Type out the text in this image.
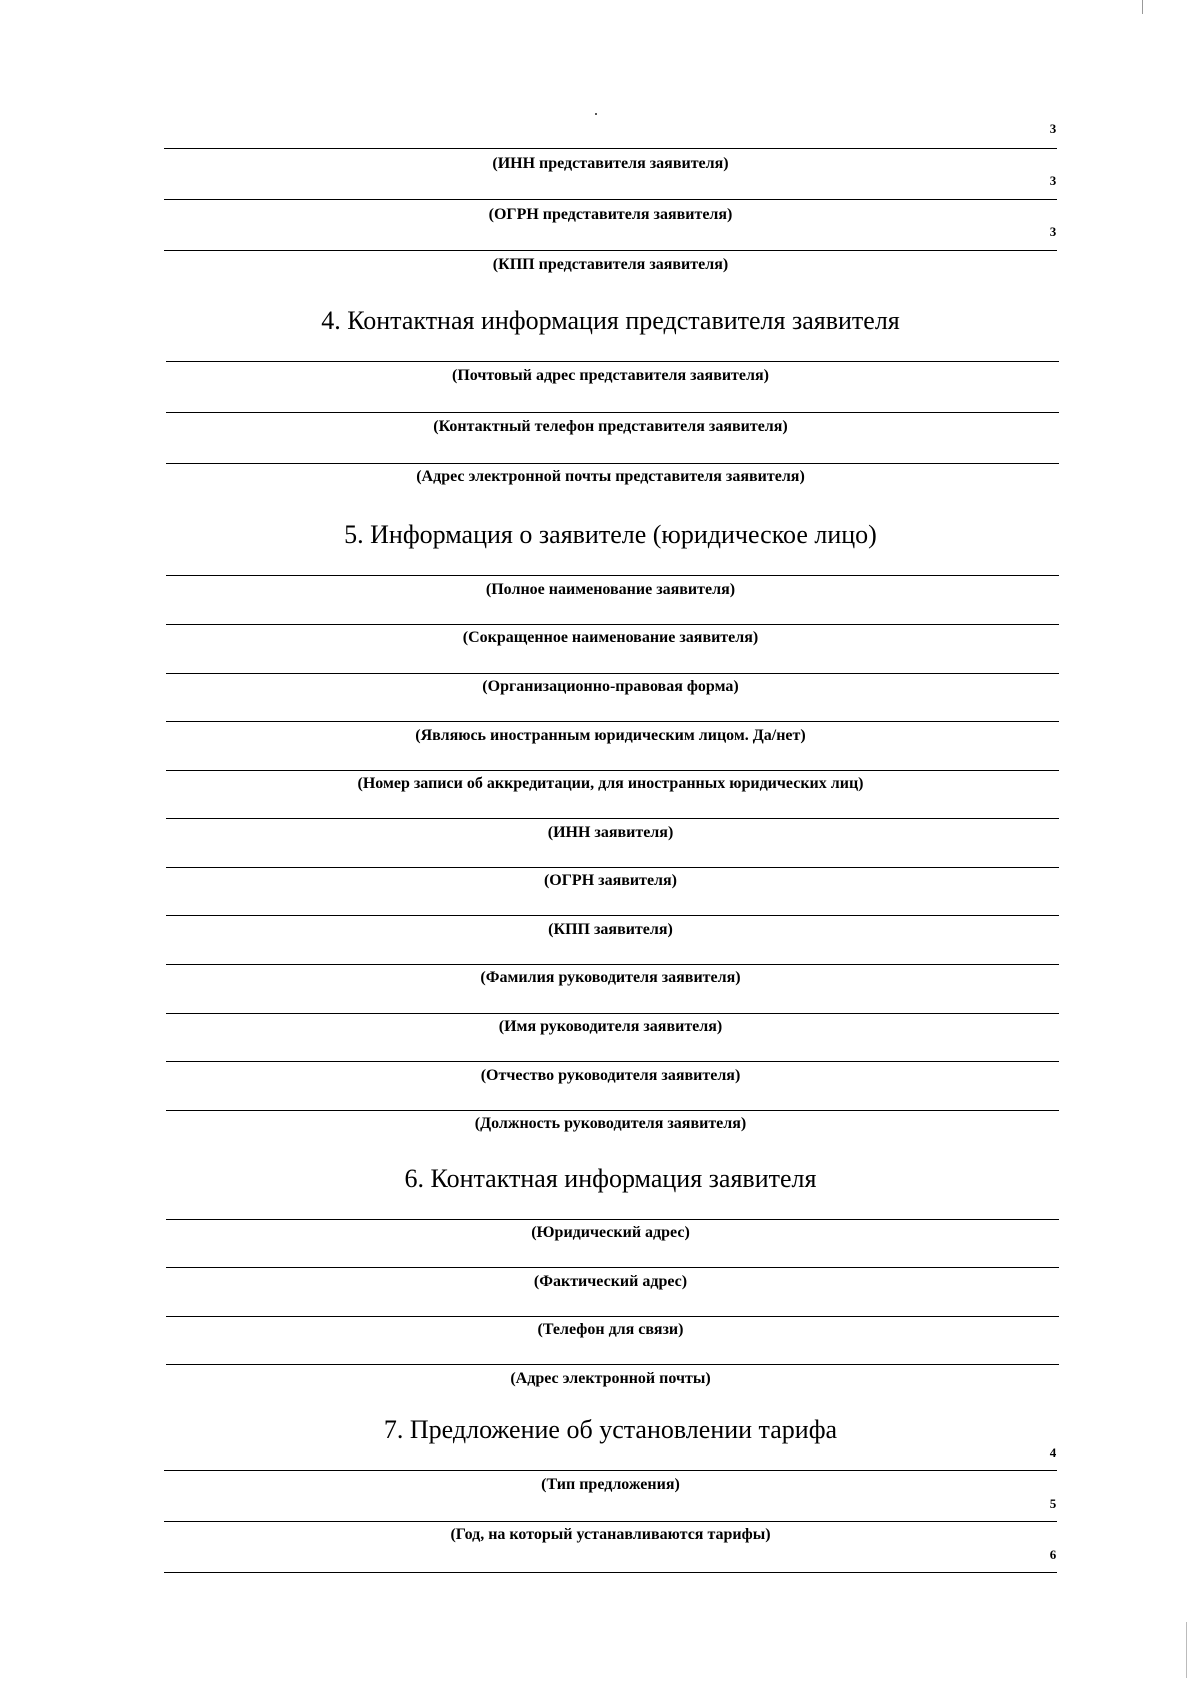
3
(ИНН представителя заявителя)
3
(ОГРН представителя заявителя)
3
(КПП представителя заявителя)
4. Контактная информация представителя заявителя
(Почтовый адрес представителя заявителя)
(Контактный телефон представителя заявителя)
(Адрес электронной почты представителя заявителя)
5. Информация о заявителе (юридическое лицо)
(Полное наименование заявителя)
(Сокращенное наименование заявителя)
(Организационно-правовая форма)
(Являюсь иностранным юридическим лицом. Да/нет)
(Номер записи об аккредитации, для иностранных юридических лиц)
(ИНН заявителя)
(ОГРН заявителя)
(КПП заявителя)
(Фамилия руководителя заявителя)
(Имя руководителя заявителя)
(Отчество руководителя заявителя)
(Должность руководителя заявителя)
6. Контактная информация заявителя
(Юридический адрес)
(Фактический адрес)
(Телефон для связи)
(Адрес электронной почты)
7. Предложение об установлении тарифа
4
(Тип предложения)
5
(Год, на который устанавливаются тарифы)
6
